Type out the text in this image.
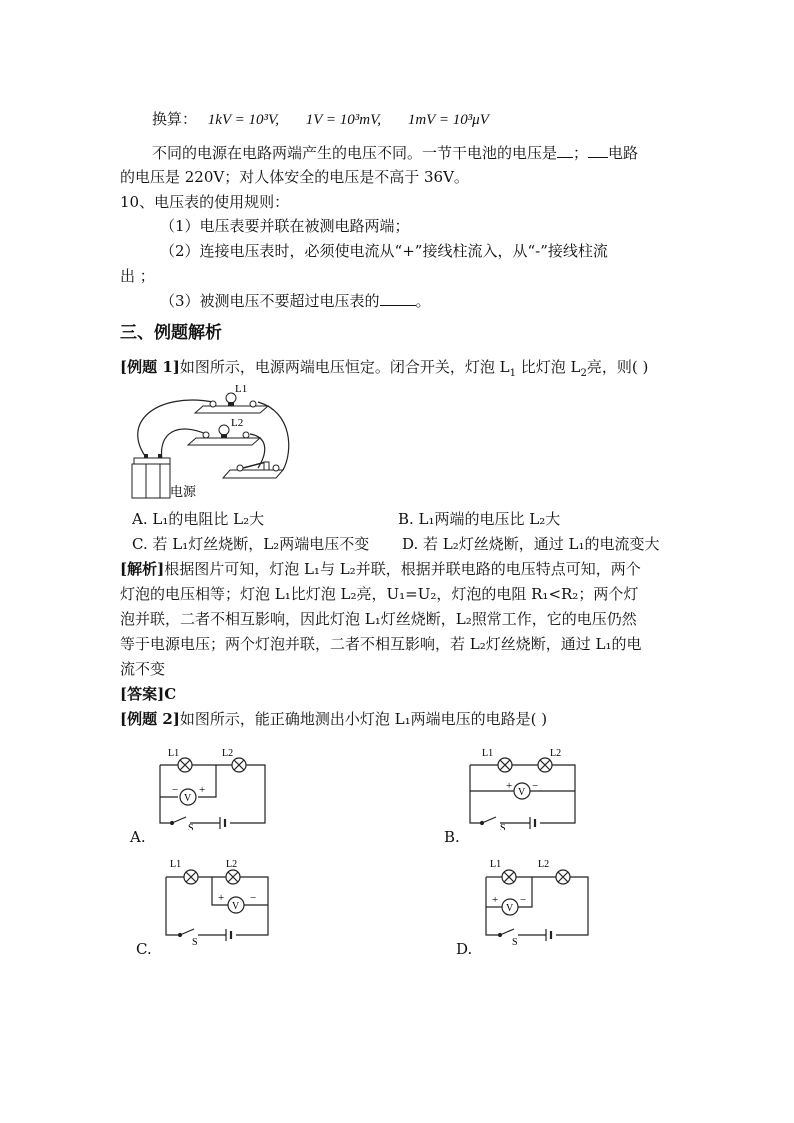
换算： 1kV = 10³V, 1V = 10³mV, 1mV = 10³μV
不同的电源在电路两端产生的电压不同。一节干电池的电压是 ； 电路
的电压是 220V；对人体安全的电压是不高于 36V。
10、电压表的使用规则：
（1）电压表要并联在被测电路两端；
（2）连接电压表时，必须使电流从“+”接线柱流入，从“-”接线柱流
出 ；
（3）被测电压不要超过电压表的 。
三、例题解析
[例题 1]如图所示，电源两端电压恒定。闭合开关，灯泡 $L_1$ 比灯泡 $L_2$亮，则( )
L1
L2
电源
A. L₁的电阻比 L₂大	B. L₁两端的电压比 L₂大
C. 若 L₁灯丝烧断，L₂两端电压不变 D. 若 L₂灯丝烧断，通过 L₁的电流变大
[解析]根据图片可知，灯泡 L₁与 L₂并联，根据并联电路的电压特点可知，两个
灯泡的电压相等；灯泡 L₁比灯泡 L₂亮，U₁=U₂，灯泡的电阻 R₁<R₂；两个灯
泡并联，二者不相互影响，因此灯泡 L₁灯丝烧断，L₂照常工作，它的电压仍然
等于电源电压；两个灯泡并联，二者不相互影响，若 L₂灯丝烧断，通过 L₁的电
流不变
[答案]C
[例题 2]如图所示，能正确地测出小灯泡 L₁两端电压的电路是( )
A.
L1	L2
V
− +
S	B.
L1	L2
V
+ −
S
C.
L1	L2
V
+ −
S	D.
L1	L2
V
+ −
S
